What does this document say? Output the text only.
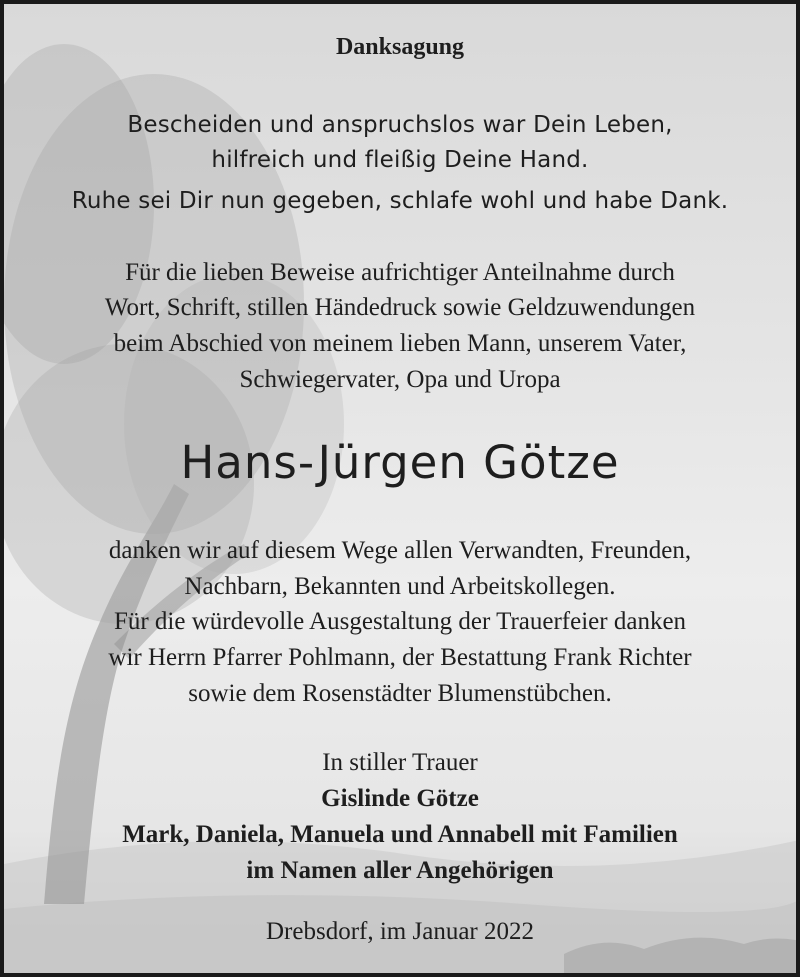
Danksagung
Bescheiden und anspruchslos war Dein Leben,
hilfreich und fleißig Deine Hand.
Ruhe sei Dir nun gegeben, schlafe wohl und habe Dank.
Für die lieben Beweise aufrichtiger Anteilnahme durch
Wort, Schrift, stillen Händedruck sowie Geldzuwendungen
beim Abschied von meinem lieben Mann, unserem Vater,
Schwiegervater, Opa und Uropa
Hans-Jürgen Götze
danken wir auf diesem Wege allen Verwandten, Freunden,
Nachbarn, Bekannten und Arbeitskollegen.
Für die würdevolle Ausgestaltung der Trauerfeier danken
wir Herrn Pfarrer Pohlmann, der Bestattung Frank Richter
sowie dem Rosenstädter Blumenstübchen.
In stiller Trauer
Gislinde Götze
Mark, Daniela, Manuela und Annabell mit Familien
im Namen aller Angehörigen
Drebsdorf, im Januar 2022
